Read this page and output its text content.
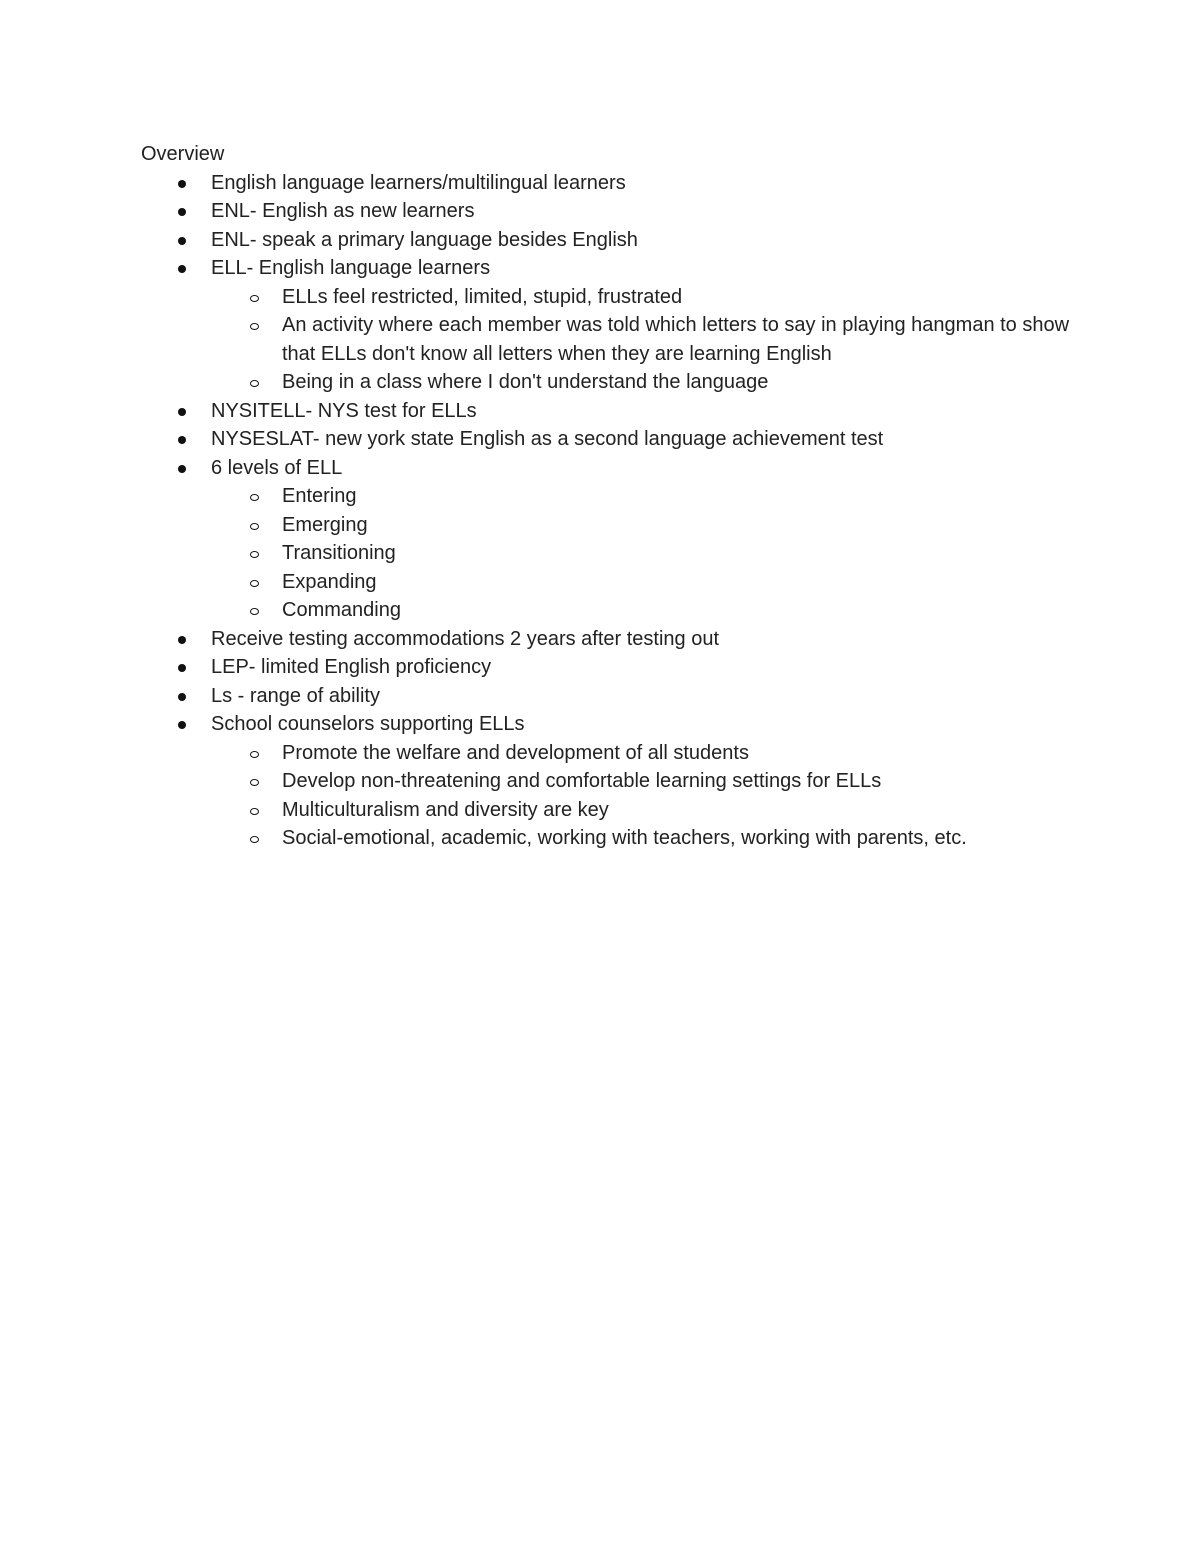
Overview

English language learners/multilingual learners
ENL- English as new learners
ENL- speak a primary language besides English
ELL- English language learners
ELLs feel restricted, limited, stupid, frustrated
An activity where each member was told which letters to say in playing hangman to show that ELLs don't know all letters when they are learning English
Being in a class where I don't understand the language
NYSITELL- NYS test for ELLs
NYSESLAT- new york state English as a second language achievement test
6 levels of ELL
Entering
Emerging
Transitioning
Expanding
Commanding
Receive testing accommodations 2 years after testing out
LEP- limited English proficiency
Ls - range of ability
School counselors supporting ELLs
Promote the welfare and development of all students
Develop non-threatening and comfortable learning settings for ELLs
Multiculturalism and diversity are key
Social-emotional, academic, working with teachers, working with parents, etc.
